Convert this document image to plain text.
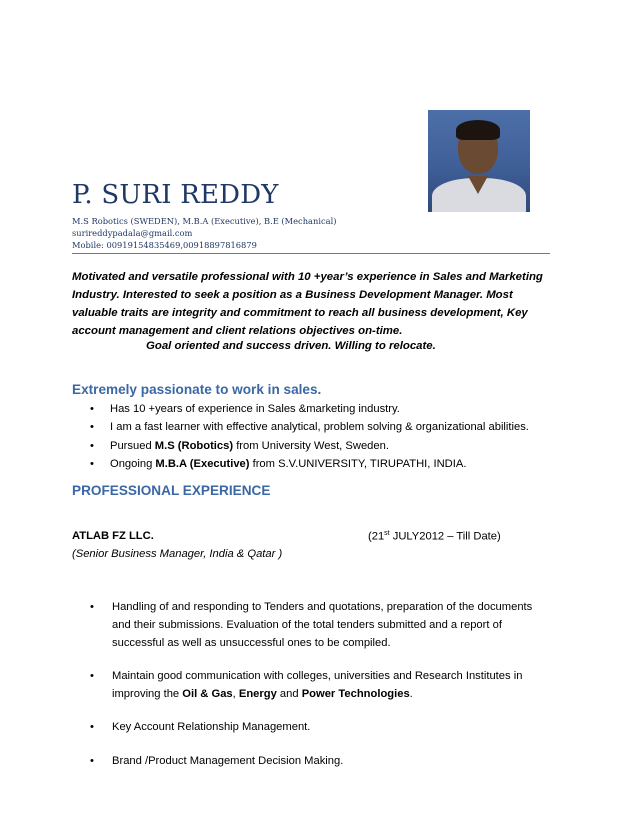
P. SURI REDDY
M.S Robotics (SWEDEN), M.B.A (Executive), B.E (Mechanical)
surireddypadala@gmail.com
Mobile: 00919154835469,00918897816879

Motivated and versatile professional with 10 +year’s experience in Sales and Marketing Industry. Interested to seek a position as a Business Development Manager. Most valuable traits are integrity and commitment to reach all business development, Key account management and client relations objectives on-time.

Goal oriented and success driven. Willing to relocate.

Extremely passionate to work in sales.
• Has 10 +years of experience in Sales &marketing industry.
• I am a fast learner with effective analytical, problem solving & organizational abilities.
• Pursued M.S (Robotics) from University West, Sweden.
• Ongoing M.B.A (Executive) from S.V.UNIVERSITY, TIRUPATHI, INDIA.
PROFESSIONAL EXPERIENCE

ATLAB FZ LLC.	(21st JULY2012 – Till Date)

(Senior Business Manager, India & Qatar )

• Handling of and responding to Tenders and quotations, preparation of the documents and their submissions. Evaluation of the total tenders submitted and a report of successful as well as unsuccessful ones to be compiled.
• Maintain good communication with colleges, universities and Research Institutes in improving the Oil & Gas, Energy and Power Technologies.
• Key Account Relationship Management.
• Brand /Product Management Decision Making.
